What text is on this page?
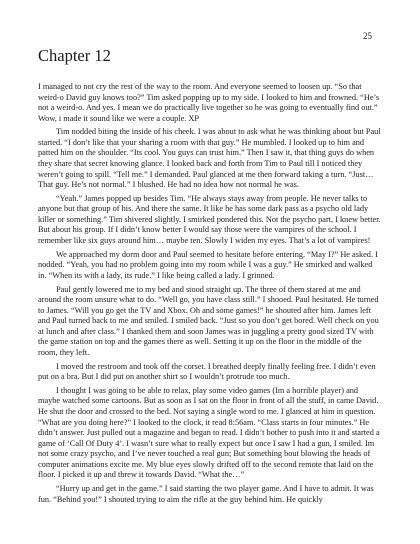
25
Chapter 12

I managed to not cry the rest of the way to the room. And everyone seemed to loosen up. “So that weird-o David guy knows too?” Tim asked popping up to my side. I looked to him and frowned. “He’s not a weird-o. And yes. I mean we do practically live together so he was going to eventually find out.” Wow, i made it sound like we were a couple. XP

Tim nodded biting the inside of his cheek. I was about to ask what he was thinking about but Paul started. “I don’t like that your sharing a room with that guy.” He mumbled. I looked up to him and patted him on the shoulder. “Its cool. You guys can trust him.” Then I saw it, that thing guys do when they share that secret knowing glance. I looked back and forth from Tim to Paul till I noticed they weren’t going to spill. “Tell me.” I demanded. Paul glanced at me then forward taking a turn. “Just… That guy. He’s not normal.” I blushed. He had no idea how not normal he was.

“Yeah.” James popped up besides Tim. “He always stays away from people. He never talks to anyone but that group of his. And there the same. It like he has some dark pass as a psycho old lady killer or something.” Tim shivered slightly. I smirked pondered this. Not the psycho part, I knew better. But about his group. If I didn’t know better I would say those were the vampires of the school. I remember like six guys around him… maybe ten. Slowly I widen my eyes. That’s a lot of vampires!

We approached my dorm door and Paul seemed to hesitate before entering. “May I?” He asked. I nodded. “Yeah, you had no problem going into my room while I was a guy.” He smirked and walked in. “When its with a lady, its rude.” I like being called a lady. I grinned.

Paul gently lowered me to my bed and stood straight up. The three of them stared at me and around the room unsure what to do. “Well go, you have class still.” I shooed. Paul hesitated. He turned to James. “Will you go get the TV and Xbox. Oh and some games!” he shouted after him. James left and Paul turned back to me and smiled. I smiled back. “Just so you don’t get bored. Well check on you at lunch and after class.” I thanked them and soon James was in juggling a pretty good sized TV with the game station on top and the games there as well. Setting it up on the floor in the middle of the room, they left.

I moved the restroom and took off the corset. I breathed deeply finally feeling free. I didn’t even put on a bra. But I did put on another shirt so I wouldn’t protrude too much.

I thought I was going to be able to relax, play some video games (Im a horrible player) and maybe watched some cartoons. But as soon as I sat on the floor in front of all the stuff, in came David. He shut the door and crossed to the bed. Not saying a single word to me. I glanced at him in question. “What are you doing here?” I looked to the clock, it read 8:56am. “Class starts in four minutes.” He didn’t answer. Just pulled out a magazine and began to read. I didn’t bother to push into it and started a game of ‘Call Of Duty 4’. I wasn’t sure what to really expect but once I saw I had a gun, I smiled. Im not some crazy psycho, and I’ve never touched a real gun; But something bout blowing the heads of computer animations excite me. My blue eyes slowly drifted off to the second remote that laid on the floor. I picked it up and threw it towards David. “What the…”

“Hurry up and get in the game.” I said starting the two player game. And I have to admit. It was fun. “Behind you!” I shouted trying to aim the rifle at the guy behind him. He quickly
